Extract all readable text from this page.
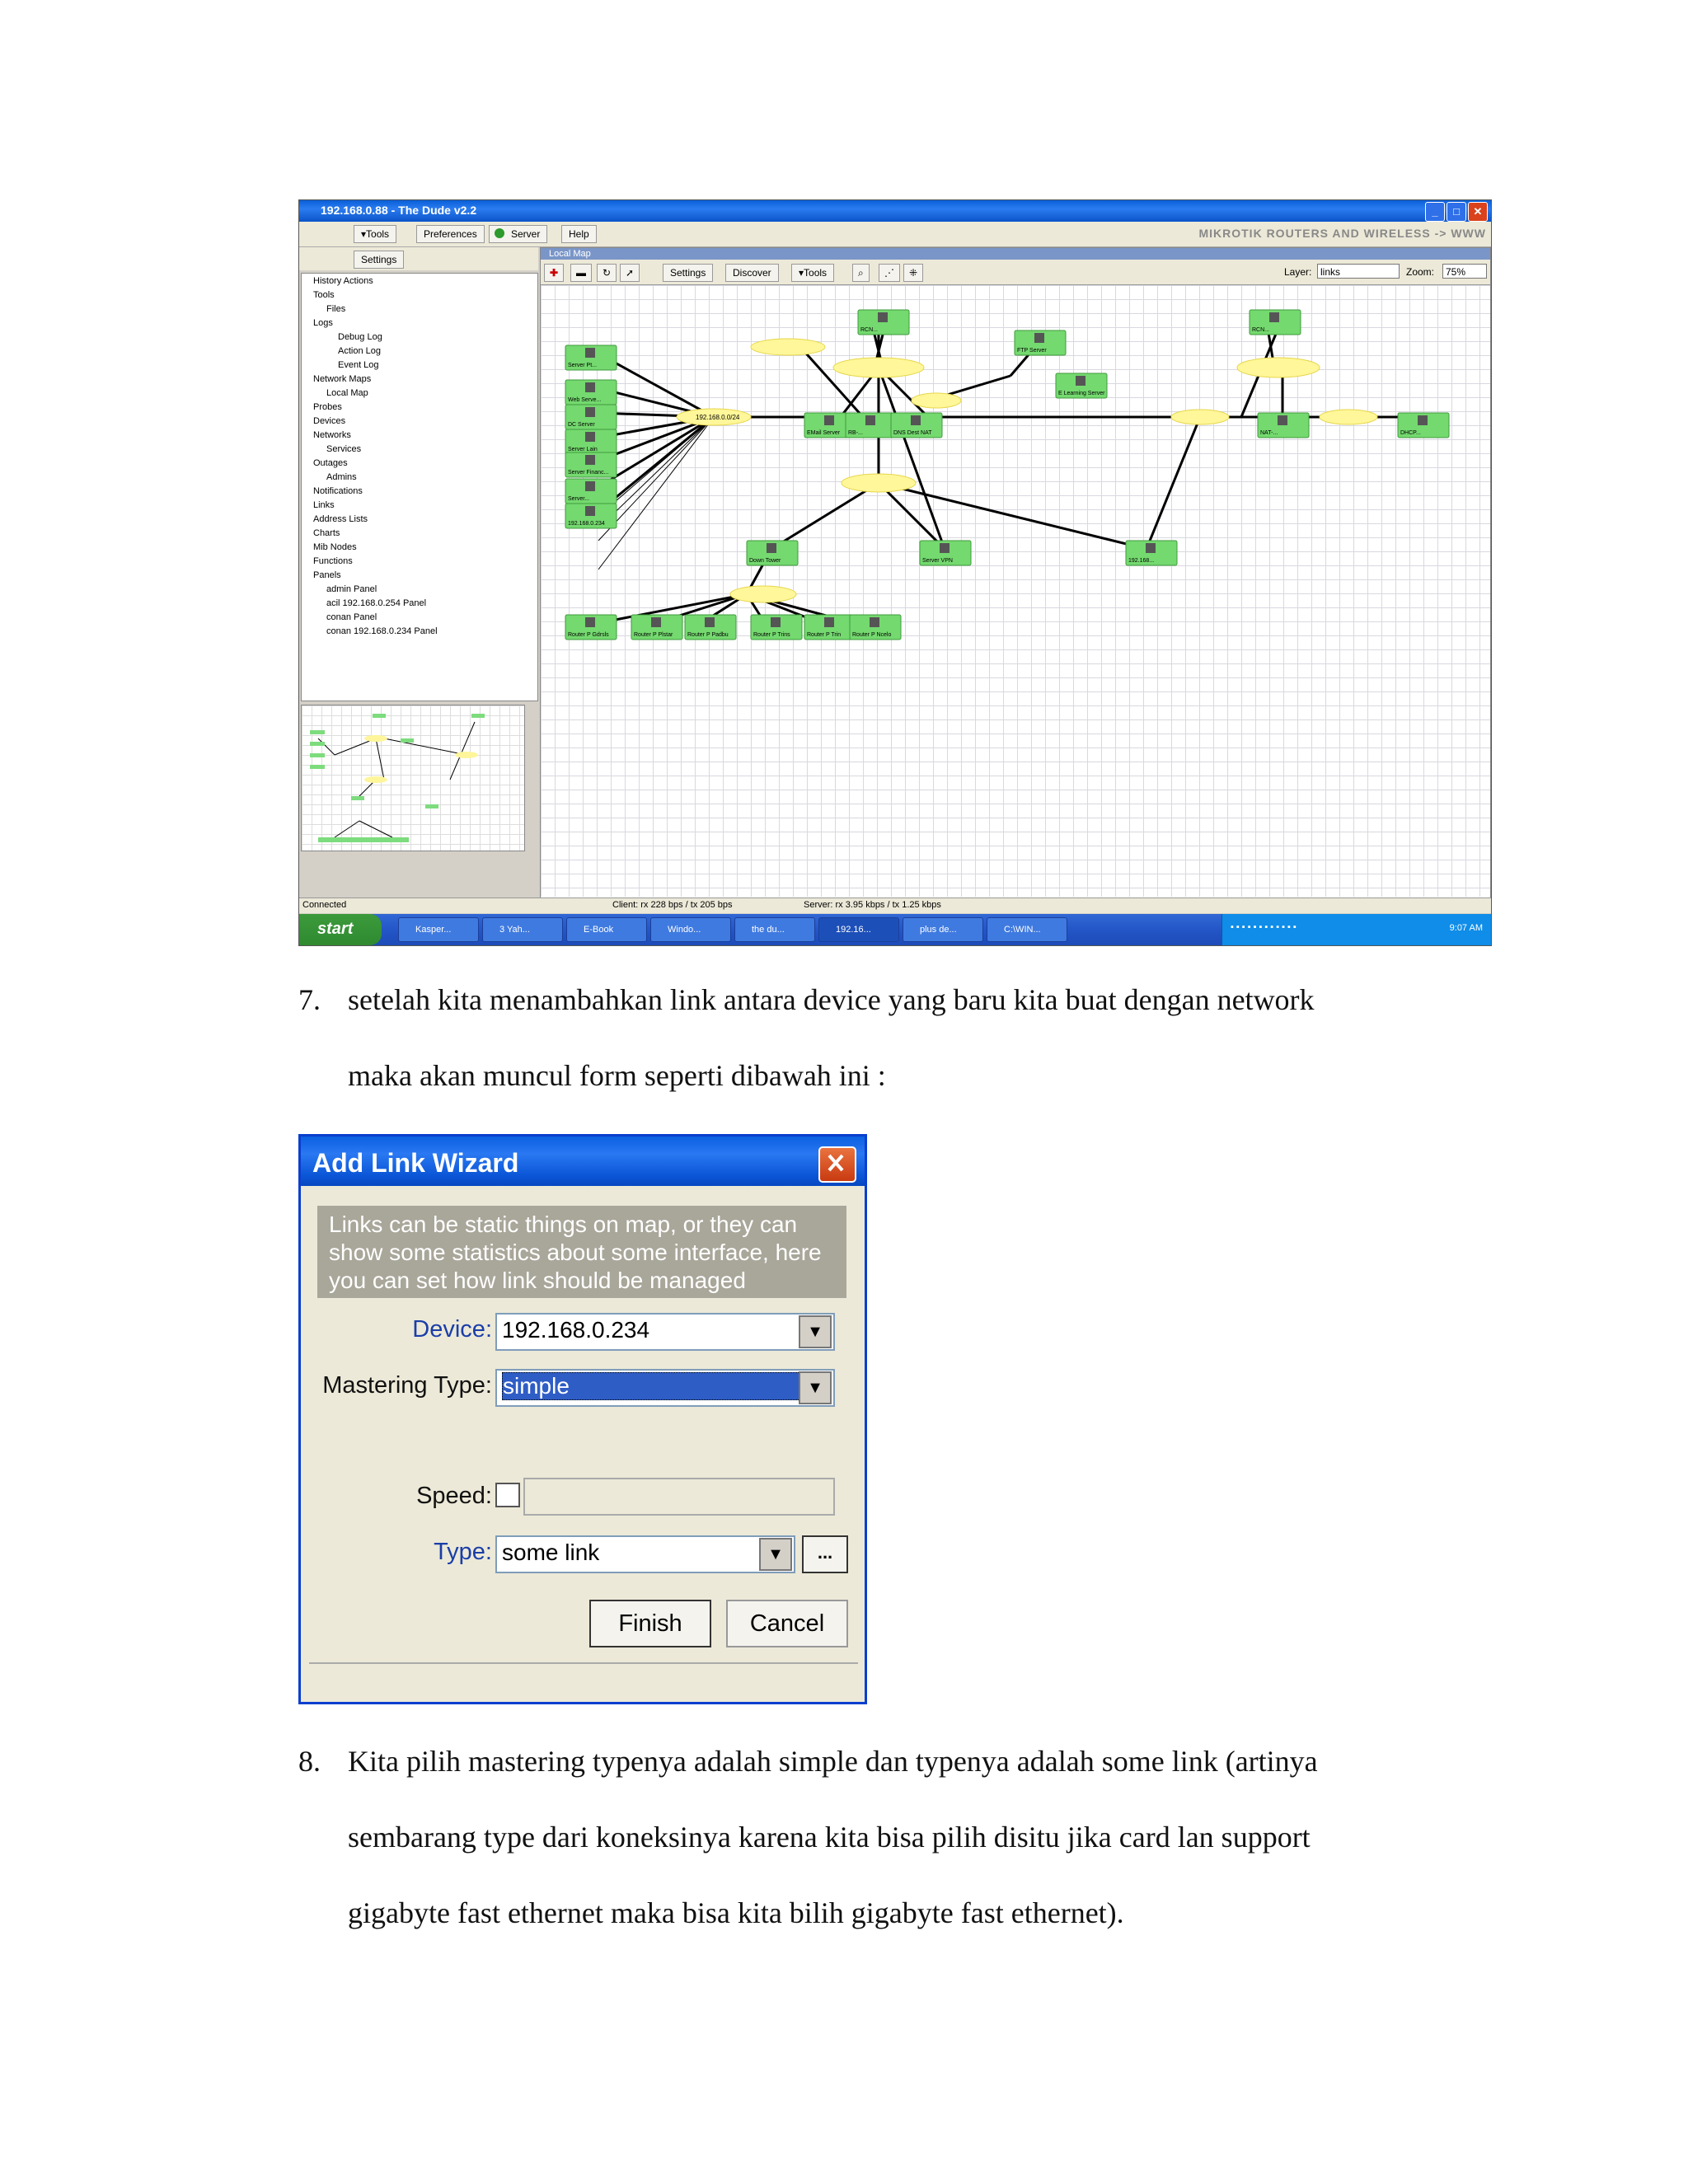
192.168.0.88 - The Dude v2.2	_	□	✕
▾Tools	Preferences	Server	Help	MIKROTIK ROUTERS AND WIRELESS -> WWW
Settings
History Actions
Tools
Files
Logs
Debug Log
Action Log
Event Log
Network Maps
Local Map
Probes
Devices
Networks
Services
Outages
Admins
Notifications
Links
Address Lists
Charts
Mib Nodes
Functions
Panels
admin Panel
acil 192.168.0.254 Panel
conan Panel
conan 192.168.0.234 Panel
Local Map
✚	▬	↻	➚	Settings	Discover	▾Tools	⌕	⋰	⁜	Layer: links	Zoom:	75%
192.168.0.0/24
Server Pt...
Web Serve...
DC Server
Server Lain
Server Financ...
Server...
192.168.0.234
EMail Server RB-...	DNS Dest NAT
FTP Server
E Learning Server
NAT-...	DHCP...
RCN...	RCN...
Down Tower	Server VPN	192.168...
Router P Gdrsls	Router P Plstar	Router P Padbu	Router P Trins	Router P Trin Router P Ncelo
Connected	Client: rx 228 bps / tx 205 bps	Server: rx 3.95 kbps / tx 1.25 kbps
start	Kasper...	3 Yah...	E-Book	Windo...	the du...	192.16...	plus de...	C:\WIN...	▪▪▪▪▪▪▪▪▪▪▪▪	9:07 AM
7. setelah kita menambahkan link antara device yang baru kita buat dengan network
maka akan muncul form seperti dibawah ini :
Add Link Wizard
Links can be static things on map, or they can show some statistics about some interface, here you can set how link should be managed
Device: 192.168.0.234	▼
Mastering Type: simple	▼
Speed:
Type: some link	▼	...
Finish	Cancel
8. Kita pilih mastering typenya adalah simple dan typenya adalah some link (artinya
sembarang type dari koneksinya karena kita bisa pilih disitu jika card lan support
gigabyte fast ethernet maka bisa kita bilih gigabyte fast ethernet).
